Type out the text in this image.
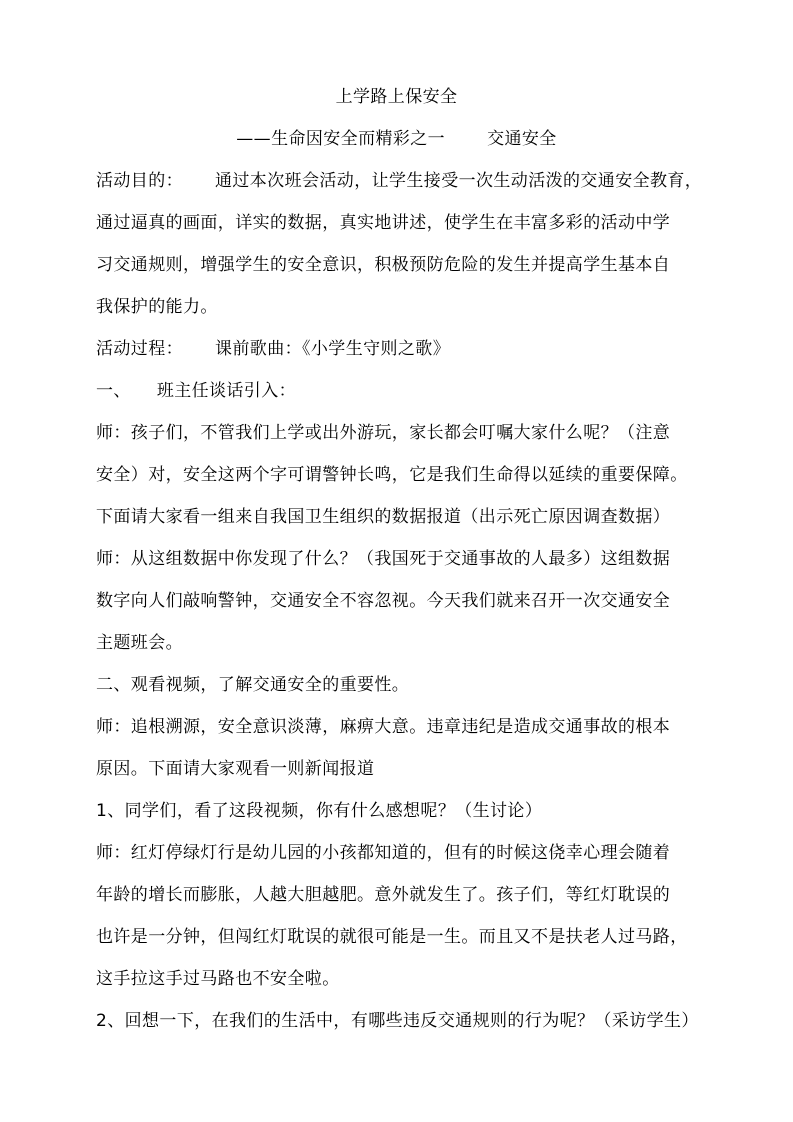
上学路上保安全
——生命因安全而精彩之一 交通安全
活动目的： 通过本次班会活动，让学生接受一次生动活泼的交通安全教育，
通过逼真的画面，详实的数据，真实地讲述，使学生在丰富多彩的活动中学
习交通规则，增强学生的安全意识，积极预防危险的发生并提高学生基本自
我保护的能力。
活动过程： 课前歌曲：《小学生守则之歌》
一、 班主任谈话引入：
师：孩子们，不管我们上学或出外游玩，家长都会叮嘱大家什么呢？（注意
安全）对，安全这两个字可谓警钟长鸣，它是我们生命得以延续的重要保障。
下面请大家看一组来自我国卫生组织的数据报道（出示死亡原因调查数据）
师：从这组数据中你发现了什么？（我国死于交通事故的人最多）这组数据
数字向人们敲响警钟，交通安全不容忽视。今天我们就来召开一次交通安全
主题班会。
二、观看视频，了解交通安全的重要性。
师：追根溯源，安全意识淡薄，麻痹大意。违章违纪是造成交通事故的根本
原因。下面请大家观看一则新闻报道
1、同学们，看了这段视频，你有什么感想呢？（生讨论）
师：红灯停绿灯行是幼儿园的小孩都知道的，但有的时候这侥幸心理会随着
年龄的增长而膨胀，人越大胆越肥。意外就发生了。孩子们，等红灯耽误的
也许是一分钟，但闯红灯耽误的就很可能是一生。而且又不是扶老人过马路，
这手拉这手过马路也不安全啦。
2、回想一下，在我们的生活中，有哪些违反交通规则的行为呢？（采访学生）
